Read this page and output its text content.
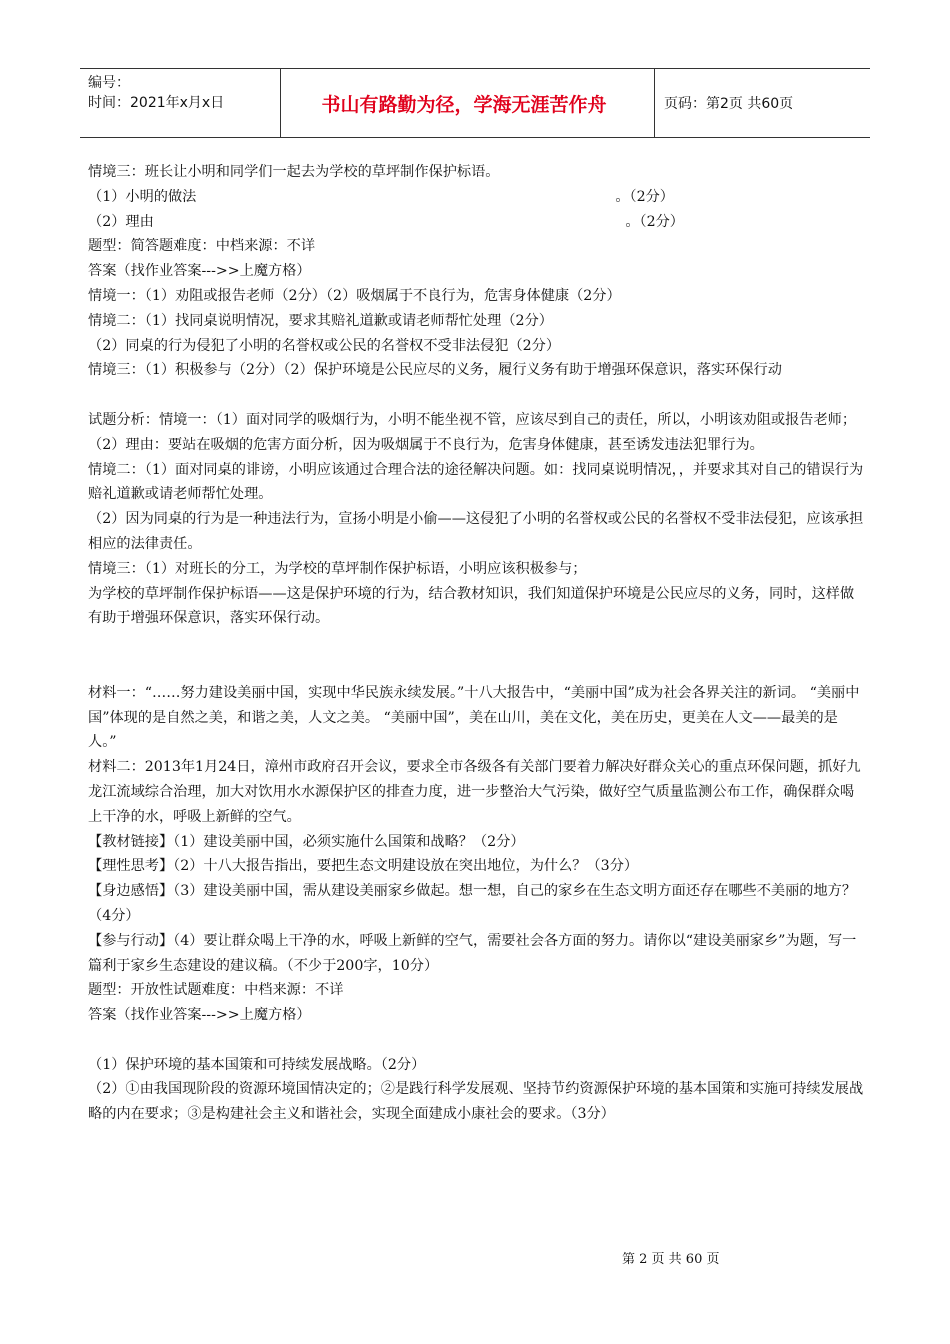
编号：
时间：2021年x月x日	书山有路勤为径，学海无涯苦作舟	页码：第2页 共60页

情境三：班长让小明和同学们一起去为学校的草坪制作保护标语。

（1）小明的做法	。（2分）
（2）理由	。（2分）

题型：简答题难度：中档来源：不详

答案（找作业答案--->>上魔方格）

情境一：（1）劝阻或报告老师（2分）（2）吸烟属于不良行为，危害身体健康（2分）

情境二：（1）找同桌说明情况，要求其赔礼道歉或请老师帮忙处理（2分）

（2）同桌的行为侵犯了小明的名誉权或公民的名誉权不受非法侵犯（2分）

情境三：（1）积极参与（2分）（2）保护环境是公民应尽的义务，履行义务有助于增强环保意识，落实环保行动

试题分析：情境一：（1）面对同学的吸烟行为，小明不能坐视不管，应该尽到自己的责任，所以，小明该劝阻或报告老师；

（2）理由：要站在吸烟的危害方面分析，因为吸烟属于不良行为，危害身体健康，甚至诱发违法犯罪行为。

情境二：（1）面对同桌的诽谤，小明应该通过合理合法的途径解决问题。如：找同桌说明情况，，并要求其对自己的错误行为赔礼道歉或请老师帮忙处理。

（2）因为同桌的行为是一种违法行为，宣扬小明是小偷——这侵犯了小明的名誉权或公民的名誉权不受非法侵犯，应该承担相应的法律责任。

情境三：（1）对班长的分工，为学校的草坪制作保护标语，小明应该积极参与；

为学校的草坪制作保护标语——这是保护环境的行为，结合教材知识，我们知道保护环境是公民应尽的义务，同时，这样做有助于增强环保意识，落实环保行动。

材料一：“……努力建设美丽中国，实现中华民族永续发展。”十八大报告中，“美丽中国”成为社会各界关注的新词。 “美丽中国”体现的是自然之美，和谐之美，人文之美。 “美丽中国”，美在山川，美在文化，美在历史，更美在人文——最美的是人。”

材料二：2013年1月24日，漳州市政府召开会议，要求全市各级各有关部门要着力解决好群众关心的重点环保问题，抓好九龙江流域综合治理，加大对饮用水水源保护区的排查力度，进一步整治大气污染，做好空气质量监测公布工作，确保群众喝上干净的水，呼吸上新鲜的空气。

【教材链接】（1）建设美丽中国，必须实施什么国策和战略？（2分）

【理性思考】（2）十八大报告指出，要把生态文明建设放在突出地位，为什么？（3分）

【身边感悟】（3）建设美丽中国，需从建设美丽家乡做起。想一想，自己的家乡在生态文明方面还存在哪些不美丽的地方？（4分）

【参与行动】（4）要让群众喝上干净的水，呼吸上新鲜的空气，需要社会各方面的努力。请你以“建设美丽家乡”为题，写一篇利于家乡生态建设的建议稿。（不少于200字，10分）

题型：开放性试题难度：中档来源：不详

答案（找作业答案--->>上魔方格）

（1）保护环境的基本国策和可持续发展战略。（2分）

（2）①由我国现阶段的资源环境国情决定的；②是践行科学发展观、坚持节约资源保护环境的基本国策和实施可持续发展战略的内在要求；③是构建社会主义和谐社会，实现全面建成小康社会的要求。（3分）

第 2 页 共 60 页
